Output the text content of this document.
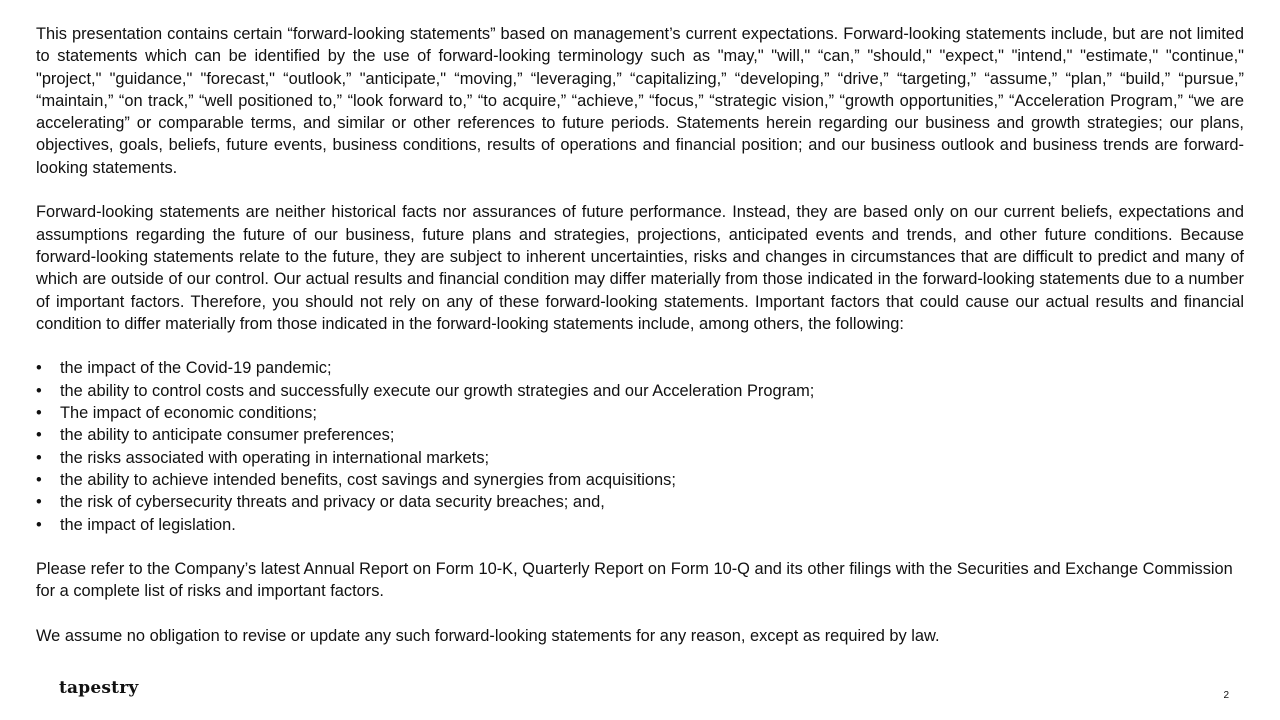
This presentation contains certain “forward-looking statements” based on management’s current expectations. Forward-looking statements include, but are not limited to statements which can be identified by the use of forward-looking terminology such as "may," "will," “can,” "should," "expect," "intend," "estimate," "continue," "project," "guidance," "forecast," “outlook,” "anticipate," “moving,” “leveraging,” “capitalizing,” “developing,” “drive,” “targeting,” “assume,” “plan,” “build,” “pursue,” “maintain,” “on track,” “well positioned to,” “look forward to,” “to acquire,” “achieve,” “focus,” “strategic vision,” “growth opportunities,” “Acceleration Program,” “we are accelerating” or comparable terms, and similar or other references to future periods. Statements herein regarding our business and growth strategies; our plans, objectives, goals, beliefs, future events, business conditions, results of operations and financial position; and our business outlook and business trends are forward-looking statements.

Forward-looking statements are neither historical facts nor assurances of future performance. Instead, they are based only on our current beliefs, expectations and assumptions regarding the future of our business, future plans and strategies, projections, anticipated events and trends, and other future conditions. Because forward-looking statements relate to the future, they are subject to inherent uncertainties, risks and changes in circumstances that are difficult to predict and many of which are outside of our control. Our actual results and financial condition may differ materially from those indicated in the forward-looking statements due to a number of important factors. Therefore, you should not rely on any of these forward-looking statements. Important factors that could cause our actual results and financial condition to differ materially from those indicated in the forward-looking statements include, among others, the following:

• the impact of the Covid-19 pandemic;
• the ability to control costs and successfully execute our growth strategies and our Acceleration Program;
• The impact of economic conditions;
• the ability to anticipate consumer preferences;
• the risks associated with operating in international markets;
• the ability to achieve intended benefits, cost savings and synergies from acquisitions;
• the risk of cybersecurity threats and privacy or data security breaches; and,
• the impact of legislation.

Please refer to the Company’s latest Annual Report on Form 10-K, Quarterly Report on Form 10-Q and its other filings with the Securities and Exchange Commission for a complete list of risks and important factors.

We assume no obligation to revise or update any such forward-looking statements for any reason, except as required by law.

tapestry	2
